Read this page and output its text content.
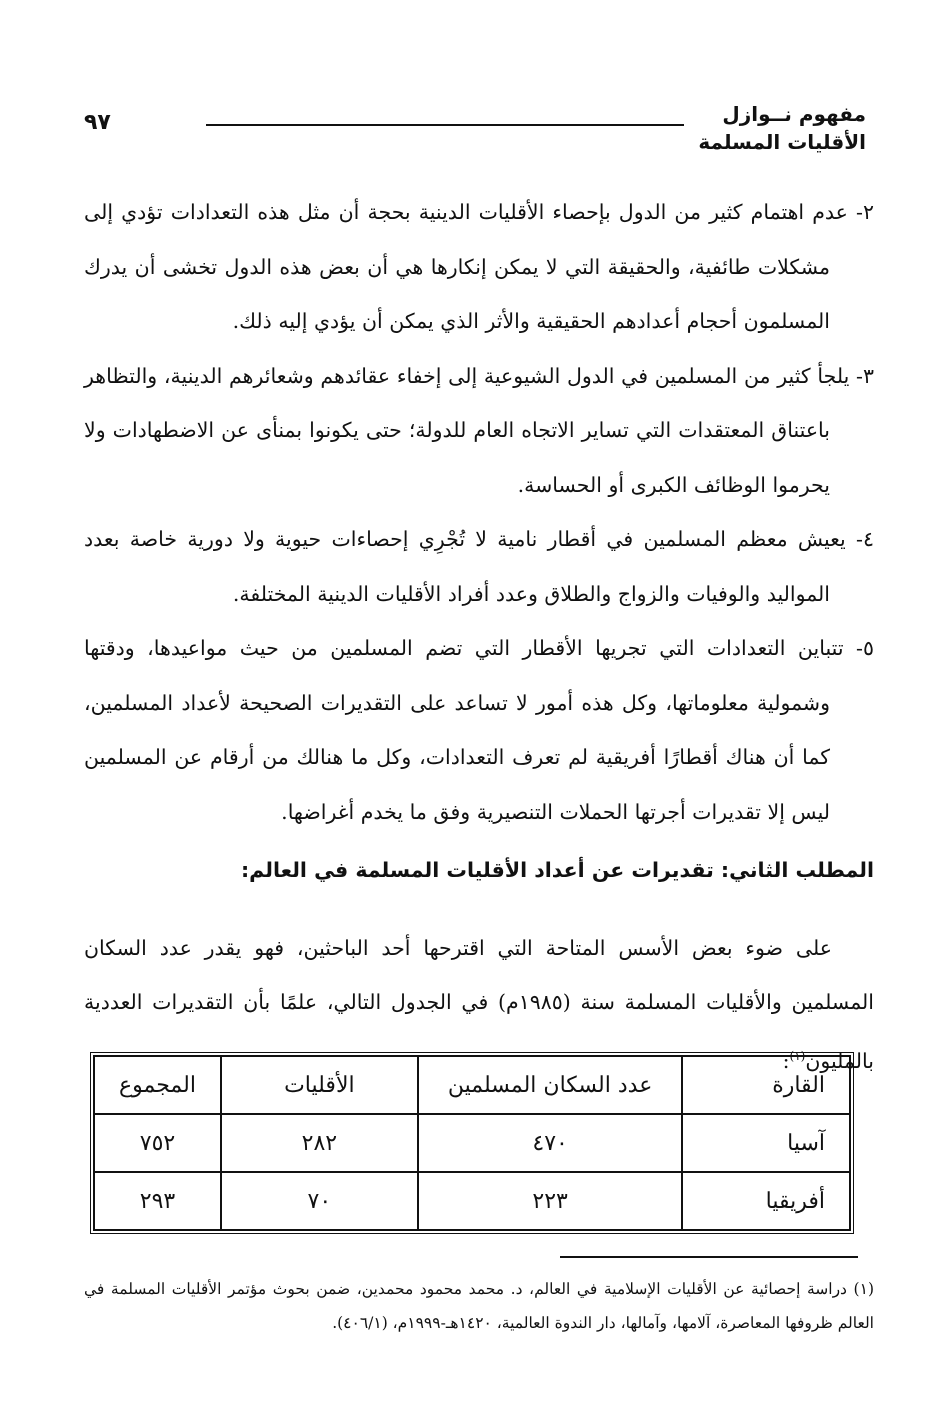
مفهوم نــوازل
الأقليات المسلمة
٩٧

٢- عدم اهتمام كثير من الدول بإحصاء الأقليات الدينية بحجة أن مثل هذه التعدادات تؤدي إلى مشكلات طائفية، والحقيقة التي لا يمكن إنكارها هي أن بعض هذه الدول تخشى أن يدرك المسلمون أحجام أعدادهم الحقيقية والأثر الذي يمكن أن يؤدي إليه ذلك.

٣- يلجأ كثير من المسلمين في الدول الشيوعية إلى إخفاء عقائدهم وشعائرهم الدينية، والتظاهر باعتناق المعتقدات التي تساير الاتجاه العام للدولة؛ حتى يكونوا بمنأى عن الاضطهادات ولا يحرموا الوظائف الكبرى أو الحساسة.

٤- يعيش معظم المسلمين في أقطار نامية لا تُجْرِي إحصاءات حيوية ولا دورية خاصة بعدد المواليد والوفيات والزواج والطلاق وعدد أفراد الأقليات الدينية المختلفة.

٥- تتباين التعدادات التي تجريها الأقطار التي تضم المسلمين من حيث مواعيدها، ودقتها وشمولية معلوماتها، وكل هذه أمور لا تساعد على التقديرات الصحيحة لأعداد المسلمين، كما أن هناك أقطارًا أفريقية لم تعرف التعدادات، وكل ما هنالك من أرقام عن المسلمين ليس إلا تقديرات أجرتها الحملات التنصيرية وفق ما يخدم أغراضها.

المطلب الثاني: تقديرات عن أعداد الأقليات المسلمة في العالم:
على ضوء بعض الأسس المتاحة التي اقترحها أحد الباحثين، فهو يقدر عدد السكان المسلمين والأقليات المسلمة سنة (١٩٨٥م) في الجدول التالي، علمًا بأن التقديرات العددية بالمليون$^{(١)}$:
القارة	عدد السكان المسلمين	الأقليات	المجموع
آسيا	٤٧٠	٢٨٢	٧٥٢
أفريقيا	٢٢٣	٧٠	٢٩٣
(١) دراسة إحصائية عن الأقليات الإسلامية في العالم، د. محمد محمود محمدين، ضمن بحوث مؤتمر الأقليات المسلمة في العالم ظروفها المعاصرة، آلامها، وآمالها، دار الندوة العالمية، ١٤٢٠هـ-١٩٩٩م، (٤٠٦/١).
